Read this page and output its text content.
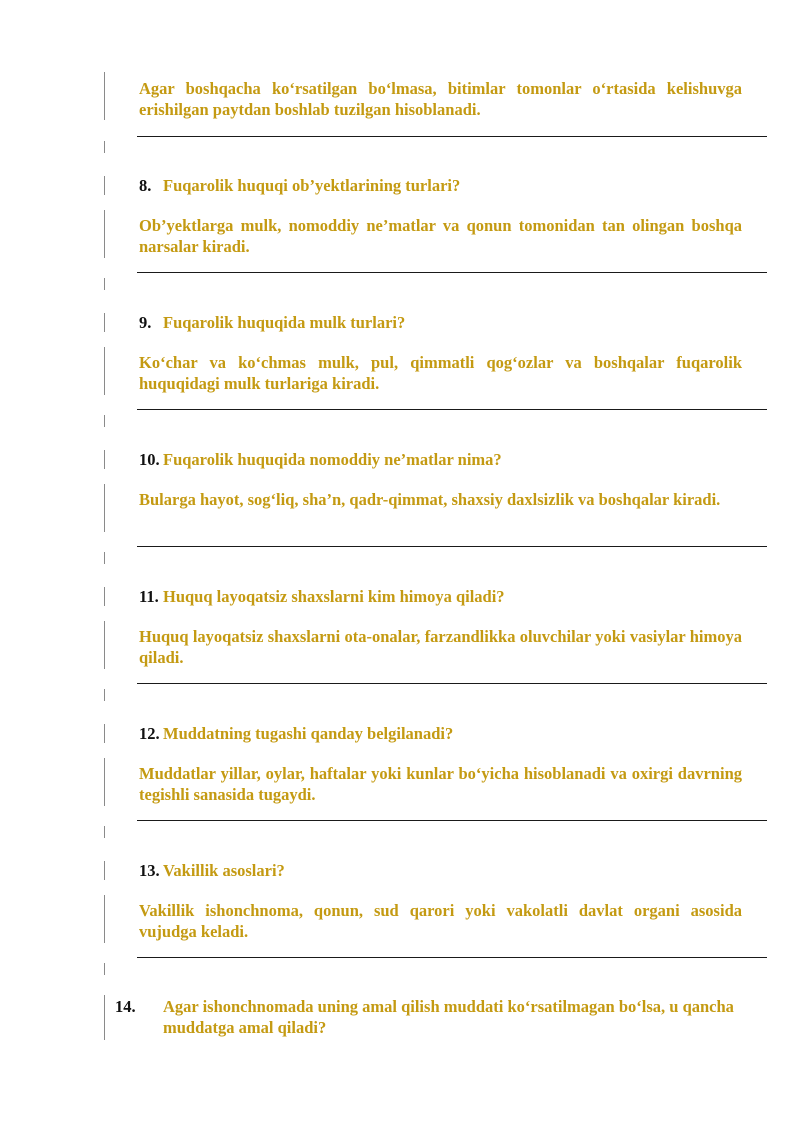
Agar boshqacha ko‘rsatilgan bo‘lmasa, bitimlar tomonlar o‘rtasida kelishuvga erishilgan paytdan boshlab tuzilgan hisoblanadi.
8. Fuqarolik huquqi ob’yektlarining turlari?
Ob’yektlarga mulk, nomoddiy ne’matlar va qonun tomonidan tan olingan boshqa narsalar kiradi.
9. Fuqarolik huquqida mulk turlari?
Ko‘char va ko‘chmas mulk, pul, qimmatli qog‘ozlar va boshqalar fuqarolik huquqidagi mulk turlariga kiradi.
10. Fuqarolik huquqida nomoddiy ne’matlar nima?
Bularga hayot, sog‘liq, sha’n, qadr-qimmat, shaxsiy daxlsizlik va boshqalar kiradi.
11. Huquq layoqatsiz shaxslarni kim himoya qiladi?
Huquq layoqatsiz shaxslarni ota-onalar, farzandlikka oluvchilar yoki vasiylar himoya qiladi.
12. Muddatning tugashi qanday belgilanadi?
Muddatlar yillar, oylar, haftalar yoki kunlar bo‘yicha hisoblanadi va oxirgi davrning tegishli sanasida tugaydi.
13. Vakillik asoslari?
Vakillik ishonchnoma, qonun, sud qarori yoki vakolatli davlat organi asosida vujudga keladi.
14. Agar ishonchnomada uning amal qilish muddati ko‘rsatilmagan bo‘lsa, u qancha muddatga amal qiladi?
